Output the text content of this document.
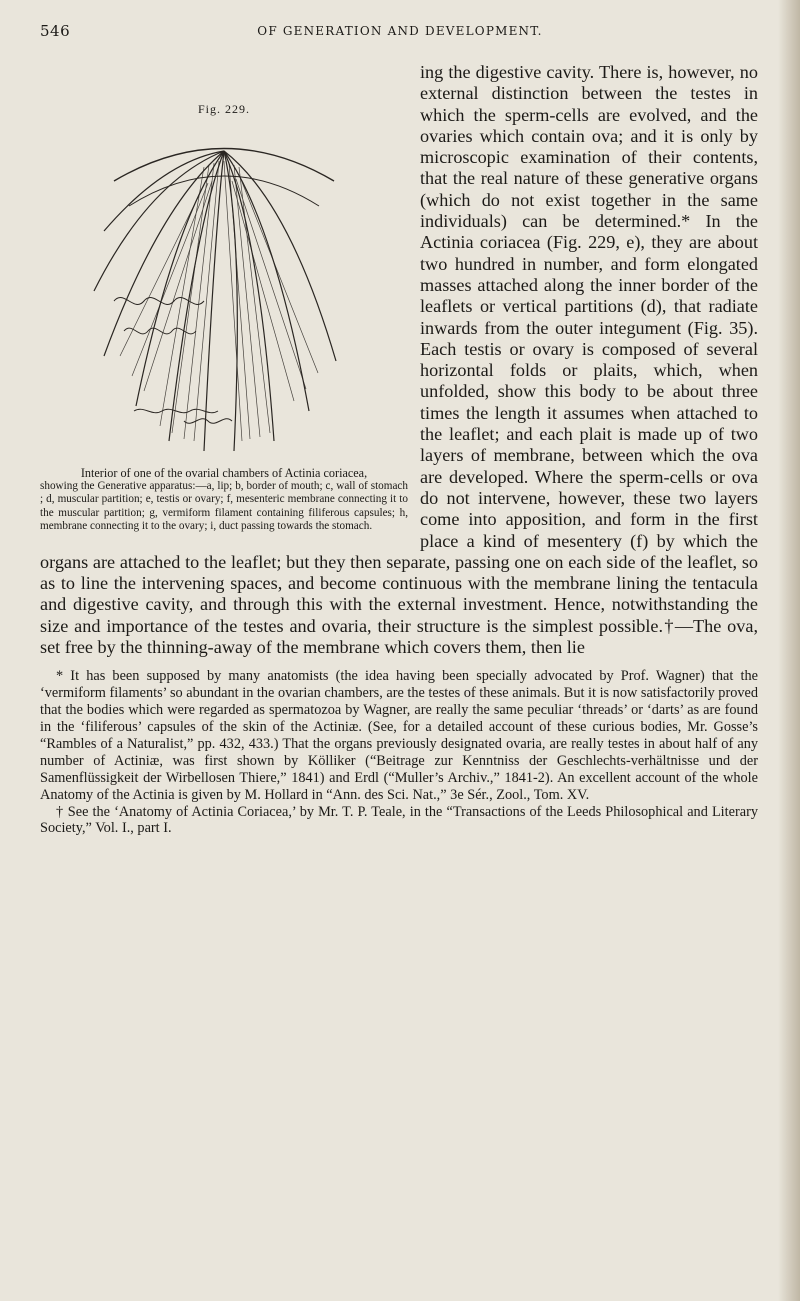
546	OF GENERATION AND DEVELOPMENT.
Fig. 229.
Interior of one of the ovarial chambers of Actinia coriacea,
showing the Generative apparatus:—a, lip; b, border of mouth; c, wall of stomach ; d, muscular partition; e, testis or ovary; f, mesenteric membrane connecting it to the muscular partition; g, vermiform filament containing filiferous capsules; h, membrane connecting it to the ovary; i, duct passing towards the stomach.

ing the digestive cavity. There is, however, no external distinction between the testes in which the sperm-cells are evolved, and the ovaries which contain ova; and it is only by microscopic examination of their contents, that the real nature of these generative organs (which do not exist together in the same individuals) can be determined.* In the Actinia coriacea (Fig. 229, e), they are about two hundred in number, and form elongated masses attached along the inner border of the leaflets or vertical partitions (d), that radiate inwards from the outer integument (Fig. 35). Each testis or ovary is composed of several horizontal folds or plaits, which, when unfolded, show this body to be about three times the length it assumes when attached to the leaflet; and each plait is made up of two layers of membrane, between which the ova are developed. Where the sperm-cells or ova do not intervene, however, these two layers come into apposition, and form in the first place a kind of mesentery (f) by which the organs are attached to the leaflet; but they then separate, passing one on each side of the leaflet, so as to line the intervening spaces, and become continuous with the membrane lining the tentacula and digestive cavity, and through this with the external investment. Hence, notwithstanding the size and importance of the testes and ovaria, their structure is the simplest possible.†—The ova, set free by the thinning-away of the membrane which covers them, then lie

* It has been supposed by many anatomists (the idea having been specially advocated by Prof. Wagner) that the ‘vermiform filaments’ so abundant in the ovarian chambers, are the testes of these animals. But it is now satisfactorily proved that the bodies which were regarded as spermatozoa by Wagner, are really the same peculiar ‘threads’ or ‘darts’ as are found in the ‘filiferous’ capsules of the skin of the Actiniæ. (See, for a detailed account of these curious bodies, Mr. Gosse’s “Rambles of a Naturalist,” pp. 432, 433.) That the organs previously designated ovaria, are really testes in about half of any number of Actiniæ, was first shown by Kölliker (“Beitrage zur Kenntniss der Geschlechts-verhältnisse und der Samenflüssigkeit der Wirbellosen Thiere,” 1841) and Erdl (“Muller’s Archiv.,” 1841-2). An excellent account of the whole Anatomy of the Actinia is given by M. Hollard in “Ann. des Sci. Nat.,” 3e Sér., Zool., Tom. XV.

† See the ‘Anatomy of Actinia Coriacea,’ by Mr. T. P. Teale, in the “Transactions of the Leeds Philosophical and Literary Society,” Vol. I., part I.
